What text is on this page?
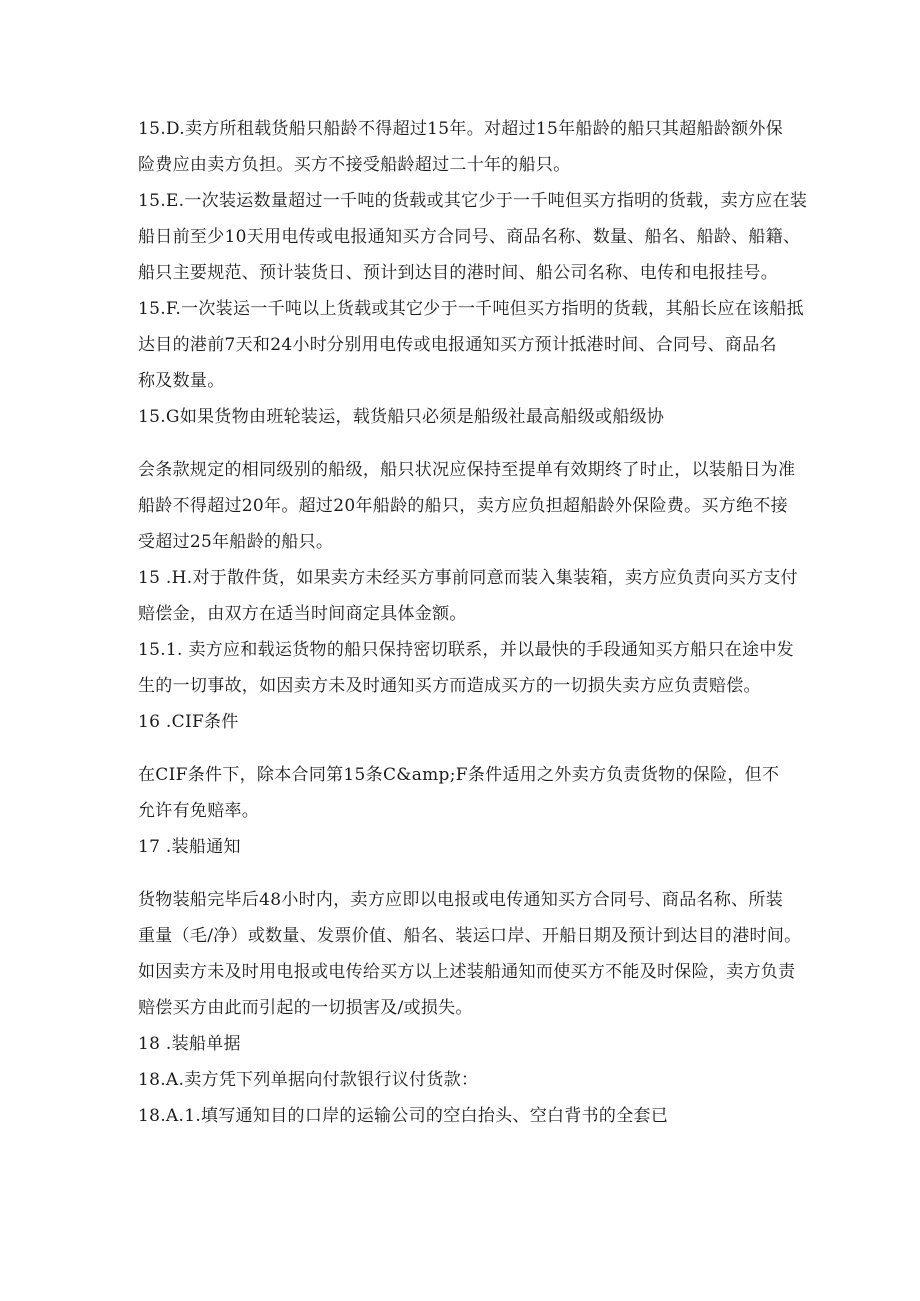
15.D.卖方所租载货船只船龄不得超过15年。对超过15年船龄的船只其超船龄额外保
险费应由卖方负担。买方不接受船龄超过二十年的船只。
15.E.一次装运数量超过一千吨的货载或其它少于一千吨但买方指明的货载，卖方应在装
船日前至少10天用电传或电报通知买方合同号、商品名称、数量、船名、船龄、船籍、
船只主要规范、预计装货日、预计到达目的港时间、船公司名称、电传和电报挂号。
15.F.一次装运一千吨以上货载或其它少于一千吨但买方指明的货载，其船长应在该船抵
达目的港前7天和24小时分别用电传或电报通知买方预计抵港时间、合同号、商品名
称及数量。
15.G如果货物由班轮装运，载货船只必须是船级社最高船级或船级协
会条款规定的相同级别的船级，船只状况应保持至提单有效期终了时止，以装船日为准
船龄不得超过20年。超过20年船龄的船只，卖方应负担超船龄外保险费。买方绝不接
受超过25年船龄的船只。
15 .H.对于散件货，如果卖方未经买方事前同意而装入集装箱，卖方应负责向买方支付
赔偿金，由双方在适当时间商定具体金额。
15.1. 卖方应和载运货物的船只保持密切联系，并以最快的手段通知买方船只在途中发
生的一切事故，如因卖方未及时通知买方而造成买方的一切损失卖方应负责赔偿。
16 .CIF条件
在CIF条件下，除本合同第15条C&amp;F条件适用之外卖方负责货物的保险，但不
允许有免赔率。
17 .装船通知
货物装船完毕后48小时内，卖方应即以电报或电传通知买方合同号、商品名称、所装
重量（毛/净）或数量、发票价值、船名、装运口岸、开船日期及预计到达目的港时间。
如因卖方未及时用电报或电传给买方以上述装船通知而使买方不能及时保险，卖方负责
赔偿买方由此而引起的一切损害及/或损失。
18 .装船单据
18.A.卖方凭下列单据向付款银行议付货款：
18.A.1.填写通知目的口岸的运输公司的空白抬头、空白背书的全套已
